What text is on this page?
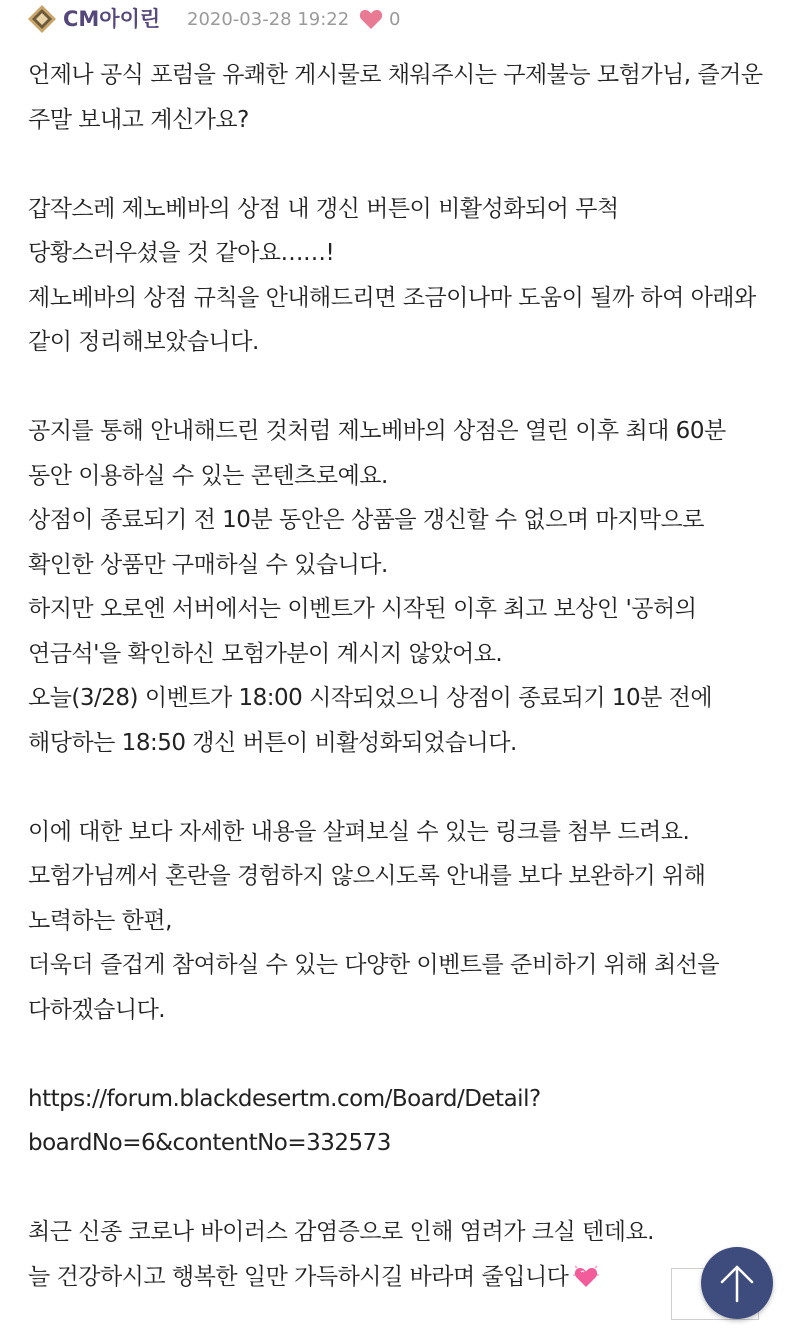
CM아이린 2020-03-28 19:22 0
언제나 공식 포럼을 유쾌한 게시물로 채워주시는 구제불능 모험가님, 즐거운 주말 보내고 계신가요?
갑작스레 제노베바의 상점 내 갱신 버튼이 비활성화되어 무척 당황스러우셨을 것 같아요……!
제노베바의 상점 규칙을 안내해드리면 조금이나마 도움이 될까 하여 아래와 같이 정리해보았습니다.
공지를 통해 안내해드린 것처럼 제노베바의 상점은 열린 이후 최대 60분 동안 이용하실 수 있는 콘텐츠로예요.
상점이 종료되기 전 10분 동안은 상품을 갱신할 수 없으며 마지막으로 확인한 상품만 구매하실 수 있습니다.
하지만 오로엔 서버에서는 이벤트가 시작된 이후 최고 보상인 '공허의 연금석'을 확인하신 모험가분이 계시지 않았어요.
오늘(3/28) 이벤트가 18:00 시작되었으니 상점이 종료되기 10분 전에 해당하는 18:50 갱신 버튼이 비활성화되었습니다.
이에 대한 보다 자세한 내용을 살펴보실 수 있는 링크를 첨부 드려요.
모험가님께서 혼란을 경험하지 않으시도록 안내를 보다 보완하기 위해 노력하는 한편,
더욱더 즐겁게 참여하실 수 있는 다양한 이벤트를 준비하기 위해 최선을 다하겠습니다.
https://forum.blackdesertm.com/Board/Detail?
boardNo=6&contentNo=332573
최근 신종 코로나 바이러스 감염증으로 인해 염려가 크실 텐데요.
늘 건강하시고 행복한 일만 가득하시길 바라며 줄입니다
